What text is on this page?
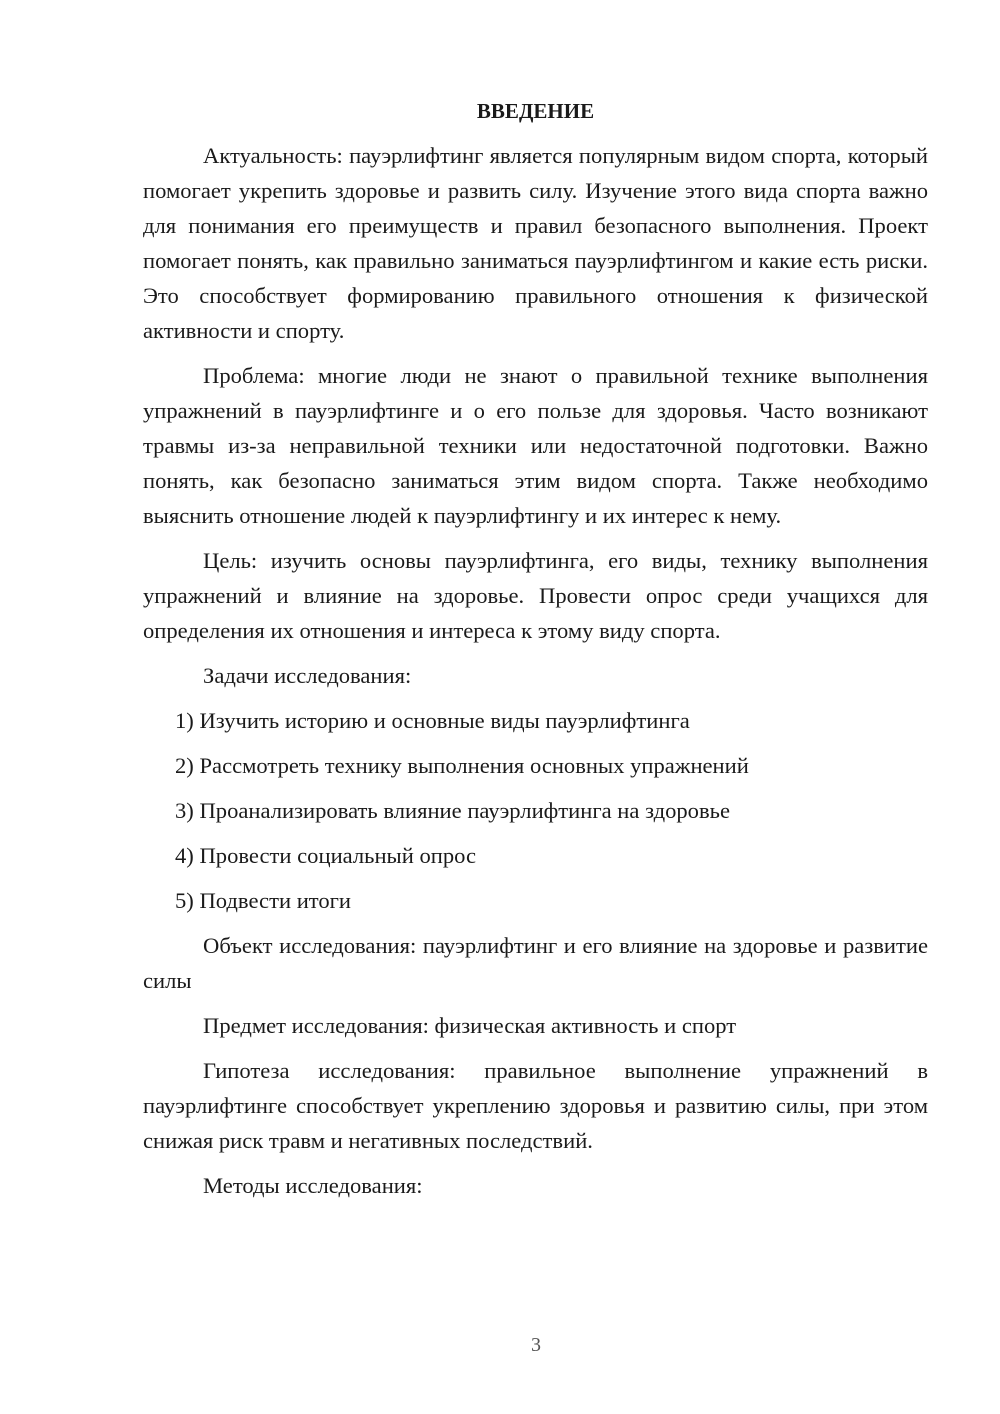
ВВЕДЕНИЕ

Актуальность: пауэрлифтинг является популярным видом спорта, который помогает укрепить здоровье и развить силу. Изучение этого вида спорта важно для понимания его преимуществ и правил безопасного выполнения. Проект помогает понять, как правильно заниматься пауэрлифтингом и какие есть риски. Это способствует формированию правильного отношения к физической активности и спорту.

Проблема: многие люди не знают о правильной технике выполнения упражнений в пауэрлифтинге и о его пользе для здоровья. Часто возникают травмы из-за неправильной техники или недостаточной подготовки. Важно понять, как безопасно заниматься этим видом спорта. Также необходимо выяснить отношение людей к пауэрлифтингу и их интерес к нему.

Цель: изучить основы пауэрлифтинга, его виды, технику выполнения упражнений и влияние на здоровье. Провести опрос среди учащихся для определения их отношения и интереса к этому виду спорта.

Задачи исследования:
1) Изучить историю и основные виды пауэрлифтинга
2) Рассмотреть технику выполнения основных упражнений
3) Проанализировать влияние пауэрлифтинга на здоровье
4) Провести социальный опрос
5) Подвести итоги

Объект исследования: пауэрлифтинг и его влияние на здоровье и развитие силы

Предмет исследования: физическая активность и спорт

Гипотеза исследования: правильное выполнение упражнений в пауэрлифтинге способствует укреплению здоровья и развитию силы, при этом снижая риск травм и негативных последствий.

Методы исследования:
3
